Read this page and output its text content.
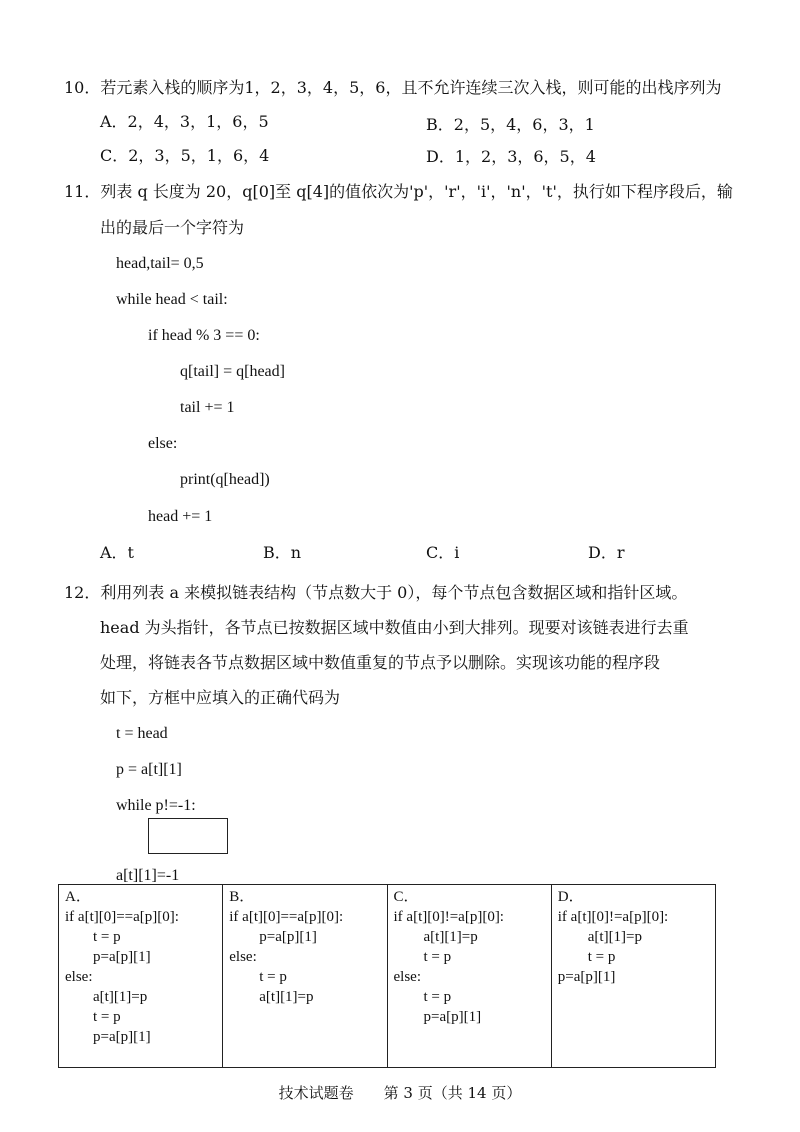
10．若元素入栈的顺序为1，2，3，4，5，6，且不允许连续三次入栈，则可能的出栈序列为
A．2，4，3，1，6，5	B．2，5，4，6，3，1
C．2，3，5，1，6，4	D．1，2，3，6，5，4
11．列表 q 长度为 20，q[0]至 q[4]的值依次为'p'，'r'，'i'，'n'，'t'，执行如下程序段后，输
出的最后一个字符为
head,tail= 0,5
while head < tail:
if head % 3 == 0:
q[tail] = q[head]
tail += 1
else:
print(q[head])
head += 1
A．t	B．n	C．i	D．r
12．利用列表 a 来模拟链表结构（节点数大于 0），每个节点包含数据区域和指针区域。
head 为头指针，各节点已按数据区域中数值由小到大排列。现要对该链表进行去重
处理，将链表各节点数据区域中数值重复的节点予以删除。实现该功能的程序段
如下，方框中应填入的正确代码为
t = head
p = a[t][1]
while p!=-1:
a[t][1]=-1
A．
if a[t][0]==a[p][0]:
t = p
p=a[p][1]
else:
a[t][1]=p
t = p
p=a[p][1]

B．
if a[t][0]==a[p][0]:
p=a[p][1]
else:
t = p
a[t][1]=p

C．
if a[t][0]!=a[p][0]:
a[t][1]=p
t = p
else:
t = p
p=a[p][1]

D．
if a[t][0]!=a[p][0]:
a[t][1]=p
t = p
p=a[p][1]
技术试题卷　　第 3 页（共 14 页）
